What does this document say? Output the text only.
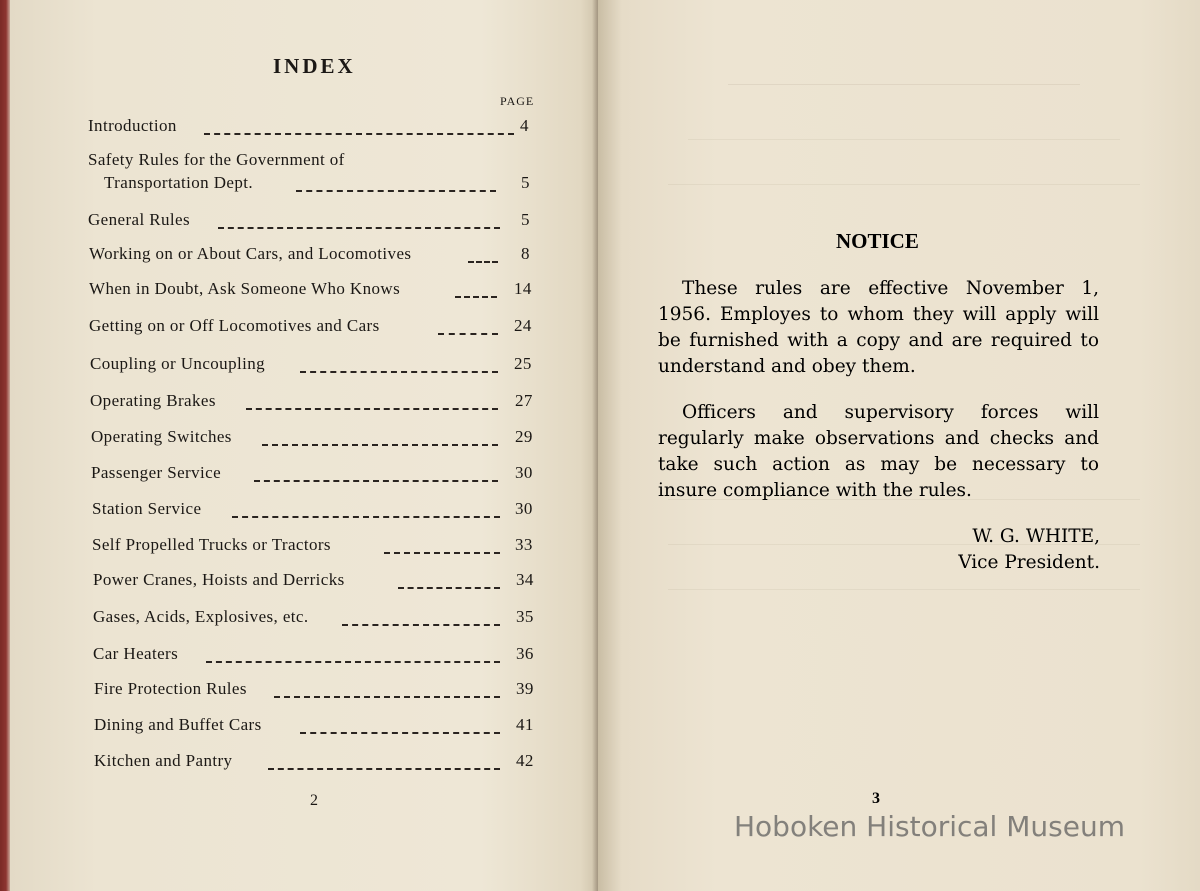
INDEX
PAGE
Introduction	4
Safety Rules for the Government of
Transportation Dept.	5
General Rules	5
Working on or About Cars, and Locomotives	8
When in Doubt, Ask Someone Who Knows	14
Getting on or Off Locomotives and Cars	24
Coupling or Uncoupling	25
Operating Brakes	27
Operating Switches	29
Passenger Service	30
Station Service	30
Self Propelled Trucks or Tractors	33
Power Cranes, Hoists and Derricks	34
Gases, Acids, Explosives, etc.	35
Car Heaters	36
Fire Protection Rules	39
Dining and Buffet Cars	41
Kitchen and Pantry	42
2
NOTICE
These rules are effective November 1, 1956. Employes to whom they will apply will be furnished with a copy and are required to understand and obey them.
Officers and supervisory forces will regularly make observations and checks and take such action as may be necessary to insure compliance with the rules.
W. G. WHITE,
Vice President.
3
Hoboken Historical Museum
